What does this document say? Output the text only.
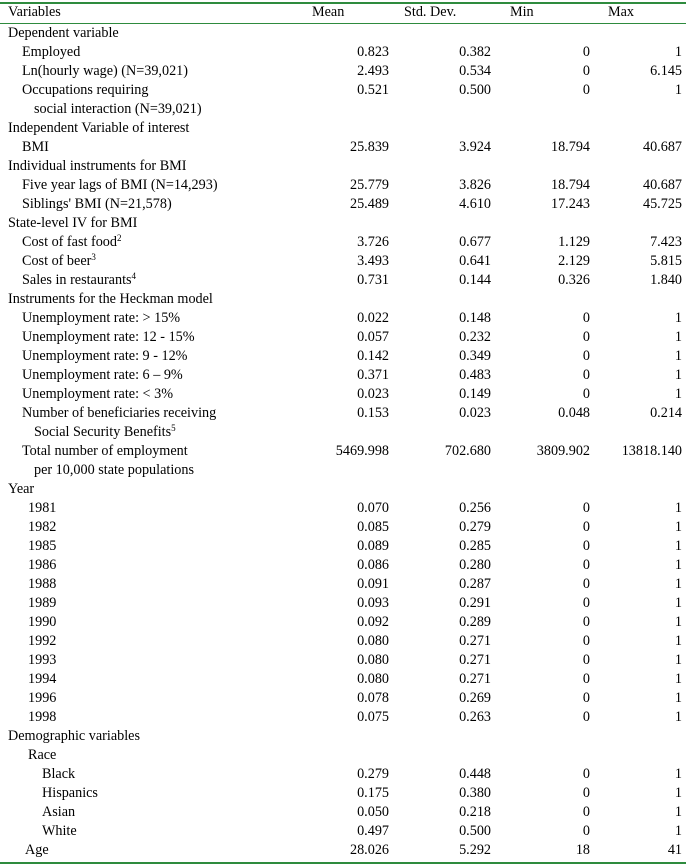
Variables	Mean	Std. Dev.	Min	Max
Dependent variable
Employed	0.823	0.382	0	1
Ln(hourly wage) (N=39,021)	2.493	0.534	0	6.145
Occupations requiring	0.521	0.500	0	1
social interaction (N=39,021)
Independent Variable of interest
BMI	25.839	3.924	18.794	40.687
Individual instruments for BMI
Five year lags of BMI (N=14,293)	25.779	3.826	18.794	40.687
Siblings' BMI (N=21,578)	25.489	4.610	17.243	45.725
State-level IV for BMI
Cost of fast food$^2$	3.726	0.677	1.129	7.423
Cost of beer$^3$	3.493	0.641	2.129	5.815
Sales in restaurants$^4$	0.731	0.144	0.326	1.840
Instruments for the Heckman model
Unemployment rate: > 15%	0.022	0.148	0	1
Unemployment rate: 12 - 15%	0.057	0.232	0	1
Unemployment rate: 9 - 12%	0.142	0.349	0	1
Unemployment rate: 6 – 9%	0.371	0.483	0	1
Unemployment rate: < 3%	0.023	0.149	0	1
Number of beneficiaries receiving	0.153	0.023	0.048	0.214
Social Security Benefits$^5$
Total number of employment	5469.998	702.680	3809.902 13818.140
per 10,000 state populations
Year
1981	0.070	0.256	0	1
1982	0.085	0.279	0	1
1985	0.089	0.285	0	1
1986	0.086	0.280	0	1
1988	0.091	0.287	0	1
1989	0.093	0.291	0	1
1990	0.092	0.289	0	1
1992	0.080	0.271	0	1
1993	0.080	0.271	0	1
1994	0.080	0.271	0	1
1996	0.078	0.269	0	1
1998	0.075	0.263	0	1
Demographic variables
Race
Black	0.279	0.448	0	1
Hispanics	0.175	0.380	0	1
Asian	0.050	0.218	0	1
White	0.497	0.500	0	1
Age	28.026	5.292	18	41
